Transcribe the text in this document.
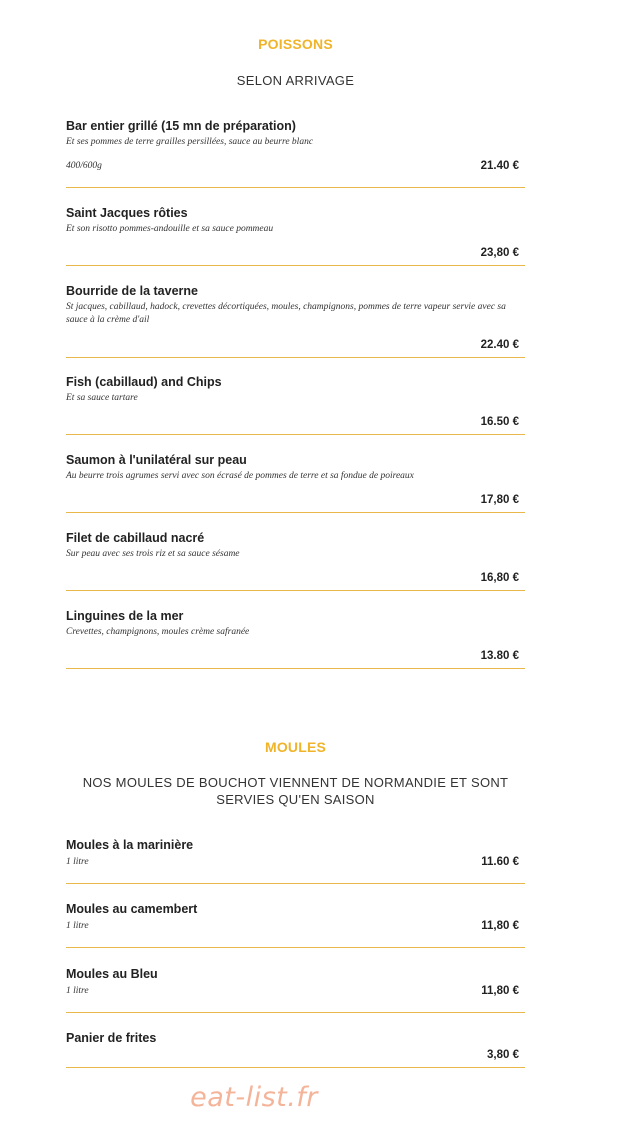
POISSONS

SELON ARRIVAGE

Bar entier grillé (15 mn de préparation)
Et ses pommes de terre grailles persillées, sauce au beurre blanc
400/600g	21.40 €
Saint Jacques rôties
Et son risotto pommes-andouille et sa sauce pommeau
23,80 €
Bourride de la taverne
St jacques, cabillaud, hadock, crevettes décortiquées, moules, champignons, pommes de terre vapeur servie avec sa sauce à la crème d'ail
22.40 €
Fish (cabillaud) and Chips
Et sa sauce tartare
16.50 €
Saumon à l'unilatéral sur peau
Au beurre trois agrumes servi avec son écrasé de pommes de terre et sa fondue de poireaux
17,80 €
Filet de cabillaud nacré
Sur peau avec ses trois riz et sa sauce sésame
16,80 €
Linguines de la mer
Crevettes, champignons, moules crème safranée
13.80 €
MOULES

NOS MOULES DE BOUCHOT VIENNENT DE NORMANDIE ET SONT SERVIES QU'EN SAISON

Moules à la marinière
1 litre	11.60 €
Moules au camembert
1 litre	11,80 €
Moules au Bleu
1 litre	11,80 €
Panier de frites
3,80 €
eat-list.fr
